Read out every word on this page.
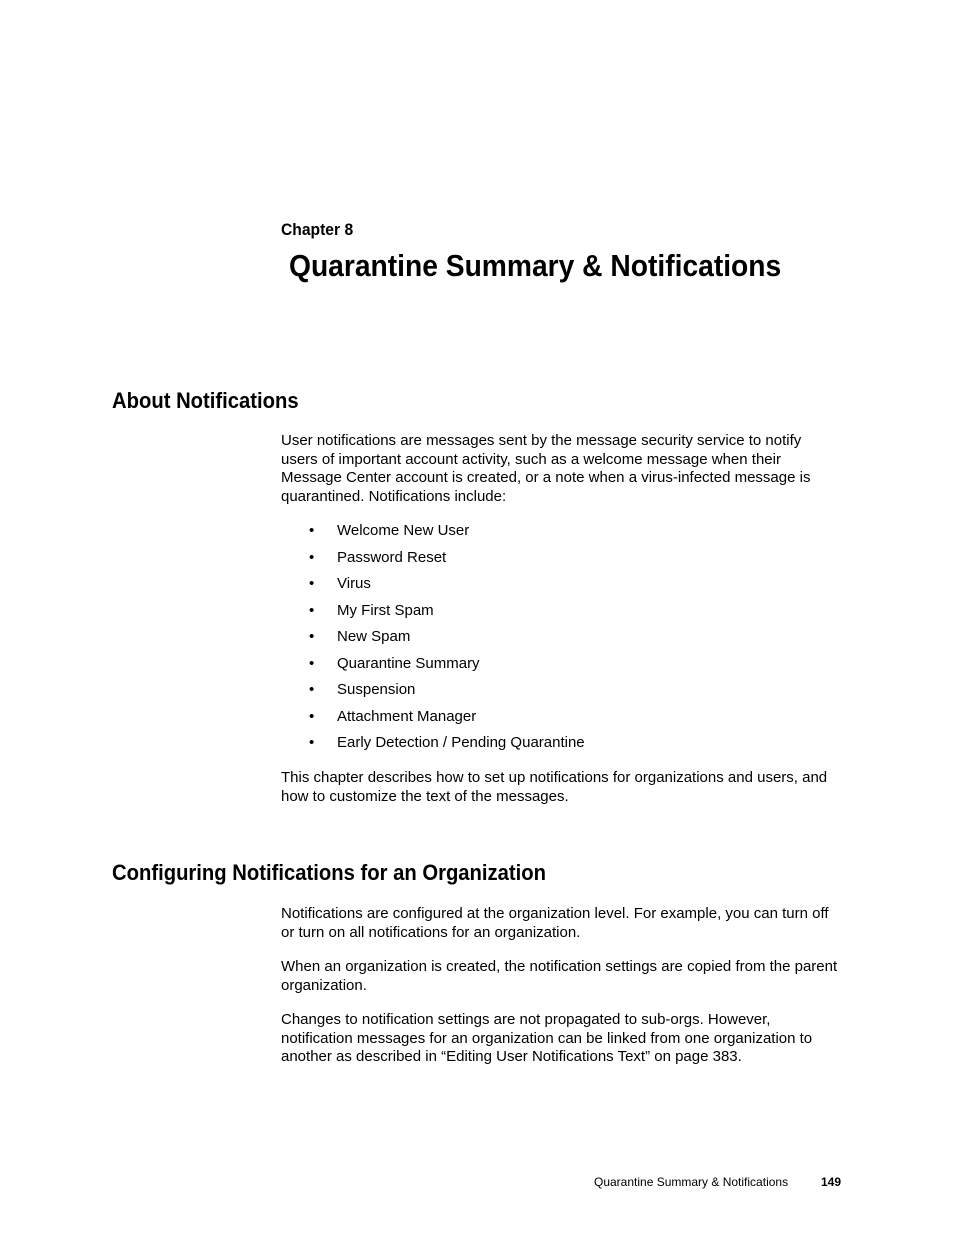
Chapter 8
Quarantine Summary & Notifications
About Notifications

User notifications are messages sent by the message security service to notify users of important account activity, such as a welcome message when their Message Center account is created, or a note when a virus-infected message is quarantined. Notifications include:

• Welcome New User
• Password Reset
• Virus
• My First Spam
• New Spam
• Quarantine Summary
• Suspension
• Attachment Manager
• Early Detection / Pending Quarantine

This chapter describes how to set up notifications for organizations and users, and how to customize the text of the messages.

Configuring Notifications for an Organization

Notifications are configured at the organization level. For example, you can turn off or turn on all notifications for an organization.

When an organization is created, the notification settings are copied from the parent organization.

Changes to notification settings are not propagated to sub-orgs. However, notification messages for an organization can be linked from one organization to another as described in “Editing User Notifications Text” on page 383.

Quarantine Summary & Notifications	149
